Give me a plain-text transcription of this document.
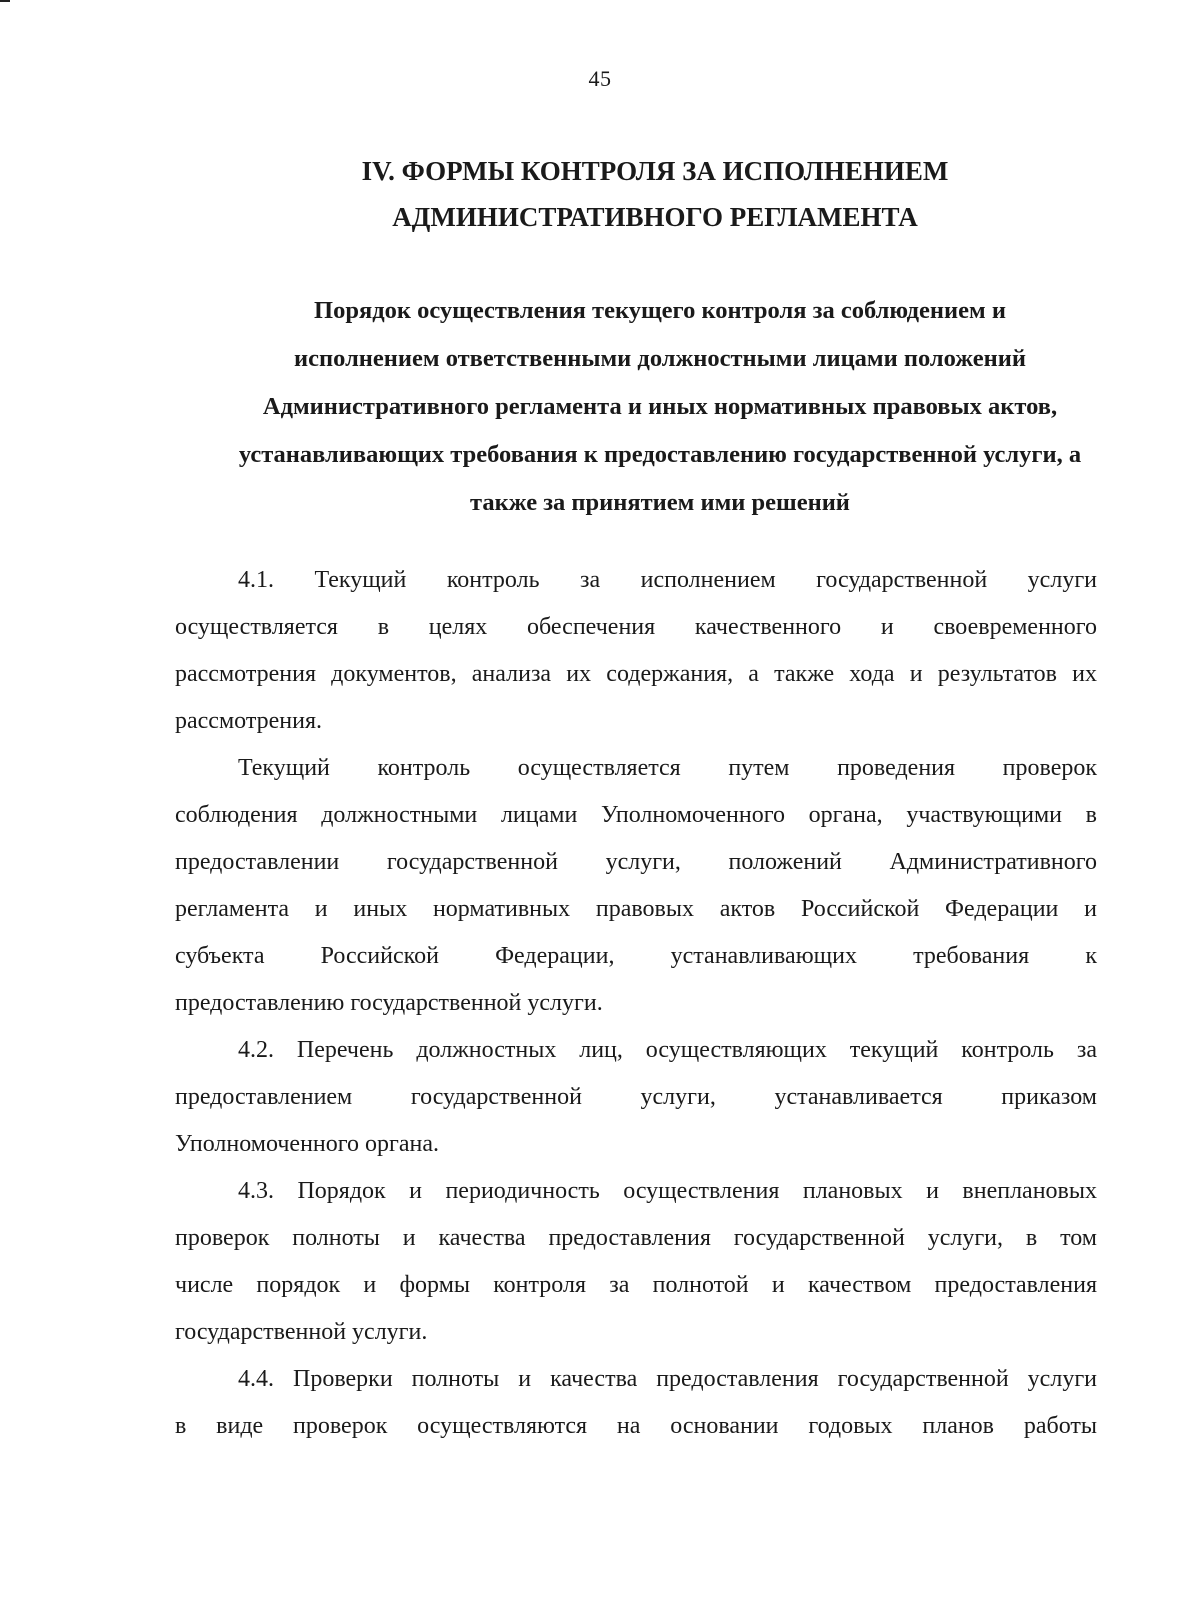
45
IV. ФОРМЫ КОНТРОЛЯ ЗА ИСПОЛНЕНИЕМ
АДМИНИСТРАТИВНОГО РЕГЛАМЕНТА
Порядок осуществления текущего контроля за соблюдением и
исполнением ответственными должностными лицами положений
Административного регламента и иных нормативных правовых актов,
устанавливающих требования к предоставлению государственной услуги, а
также за принятием ими решений
4.1. Текущий контроль за исполнением государственной услуги
осуществляется в целях обеспечения качественного и своевременного
рассмотрения документов, анализа их содержания, а также хода и результатов их
рассмотрения.
Текущий контроль осуществляется путем проведения проверок
соблюдения должностными лицами Уполномоченного органа, участвующими в
предоставлении государственной услуги, положений Административного
регламента и иных нормативных правовых актов Российской Федерации и
субъекта Российской Федерации, устанавливающих требования к
предоставлению государственной услуги.
4.2. Перечень должностных лиц, осуществляющих текущий контроль за
предоставлением государственной услуги, устанавливается приказом
Уполномоченного органа.
4.3. Порядок и периодичность осуществления плановых и внеплановых
проверок полноты и качества предоставления государственной услуги, в том
числе порядок и формы контроля за полнотой и качеством предоставления
государственной услуги.
4.4. Проверки полноты и качества предоставления государственной услуги
в виде проверок осуществляются на основании годовых планов работы
